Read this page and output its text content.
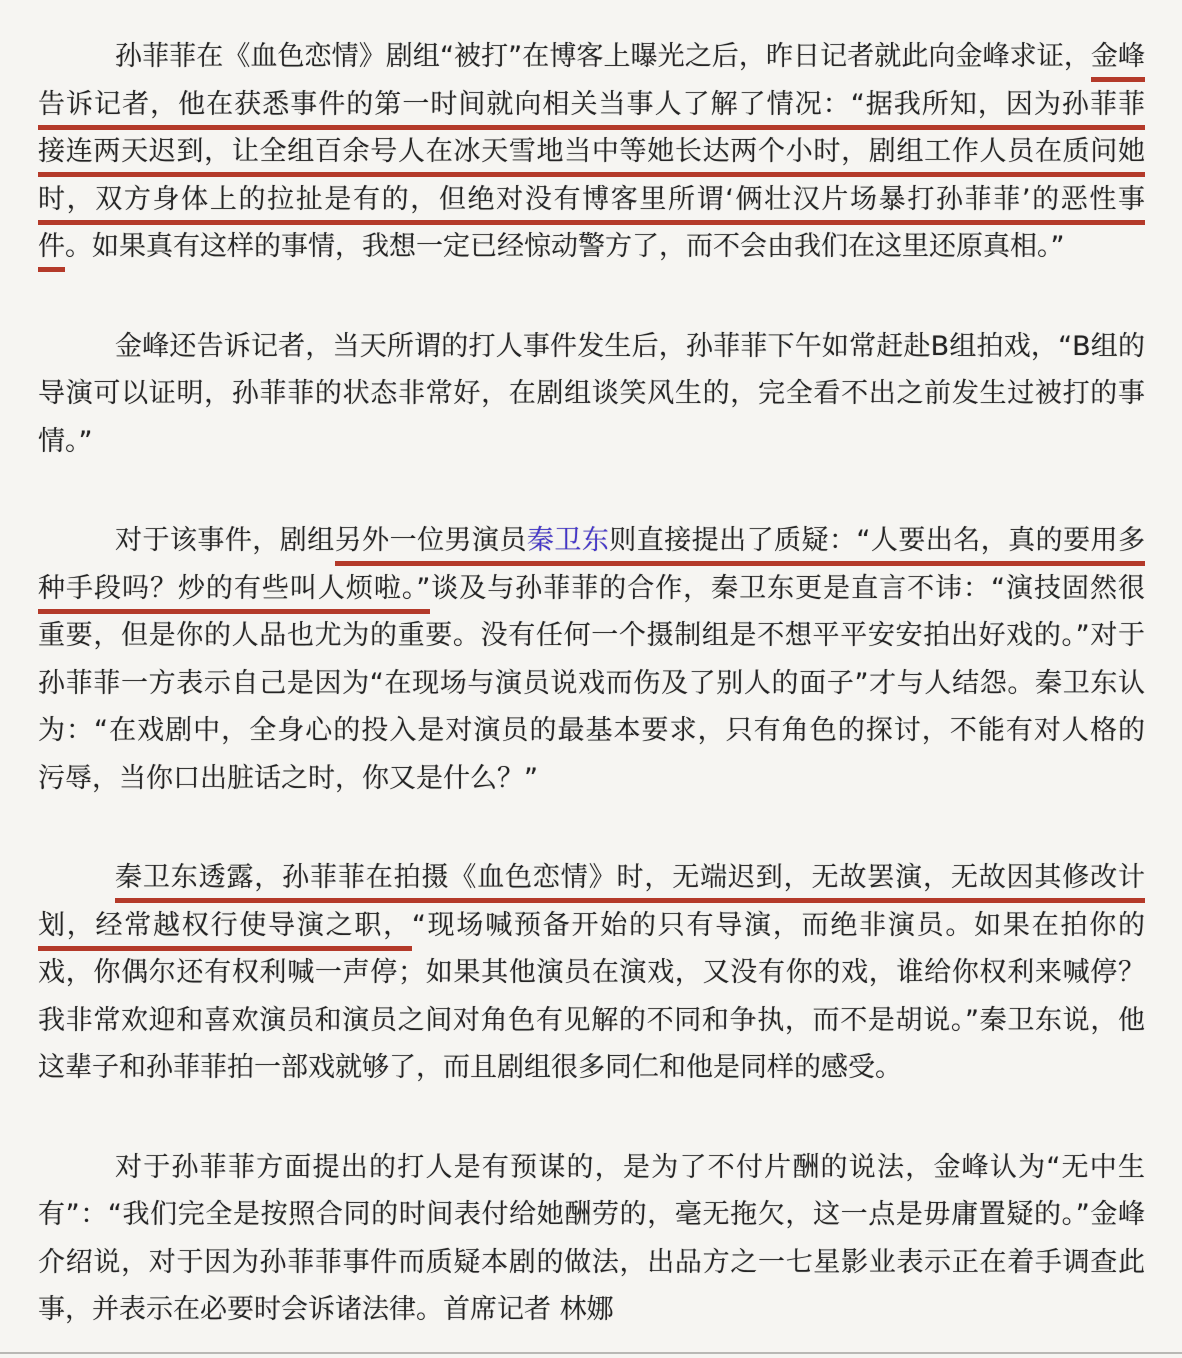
孙菲菲在《血色恋情》剧组“被打”在博客上曝光之后，昨日记者就此向金峰求证，金峰
告诉记者，他在获悉事件的第一时间就向相关当事人了解了情况：“据我所知，因为孙菲菲
接连两天迟到，让全组百余号人在冰天雪地当中等她长达两个小时，剧组工作人员在质问她
时，双方身体上的拉扯是有的，但绝对没有博客里所谓‘俩壮汉片场暴打孙菲菲’的恶性事
件。如果真有这样的事情，我想一定已经惊动警方了，而不会由我们在这里还原真相。”
金峰还告诉记者，当天所谓的打人事件发生后，孙菲菲下午如常赶赴B组拍戏，“B组的
导演可以证明，孙菲菲的状态非常好，在剧组谈笑风生的，完全看不出之前发生过被打的事
情。”
对于该事件，剧组另外一位男演员秦卫东则直接提出了质疑：“人要出名，真的要用多
种手段吗？炒的有些叫人烦啦。”谈及与孙菲菲的合作，秦卫东更是直言不讳：“演技固然很
重要，但是你的人品也尤为的重要。没有任何一个摄制组是不想平平安安拍出好戏的。”对于
孙菲菲一方表示自己是因为“在现场与演员说戏而伤及了别人的面子”才与人结怨。秦卫东认
为：“在戏剧中，全身心的投入是对演员的最基本要求，只有角色的探讨，不能有对人格的
污辱，当你口出脏话之时，你又是什么？”
秦卫东透露，孙菲菲在拍摄《血色恋情》时，无端迟到，无故罢演，无故因其修改计
划，经常越权行使导演之职，“现场喊预备开始的只有导演，而绝非演员。如果在拍你的
戏，你偶尔还有权利喊一声停；如果其他演员在演戏，又没有你的戏，谁给你权利来喊停？
我非常欢迎和喜欢演员和演员之间对角色有见解的不同和争执，而不是胡说。”秦卫东说，他
这辈子和孙菲菲拍一部戏就够了，而且剧组很多同仁和他是同样的感受。
对于孙菲菲方面提出的打人是有预谋的，是为了不付片酬的说法，金峰认为“无中生
有”：“我们完全是按照合同的时间表付给她酬劳的，毫无拖欠，这一点是毋庸置疑的。”金峰
介绍说，对于因为孙菲菲事件而质疑本剧的做法，出品方之一七星影业表示正在着手调查此
事，并表示在必要时会诉诸法律。首席记者 林娜
